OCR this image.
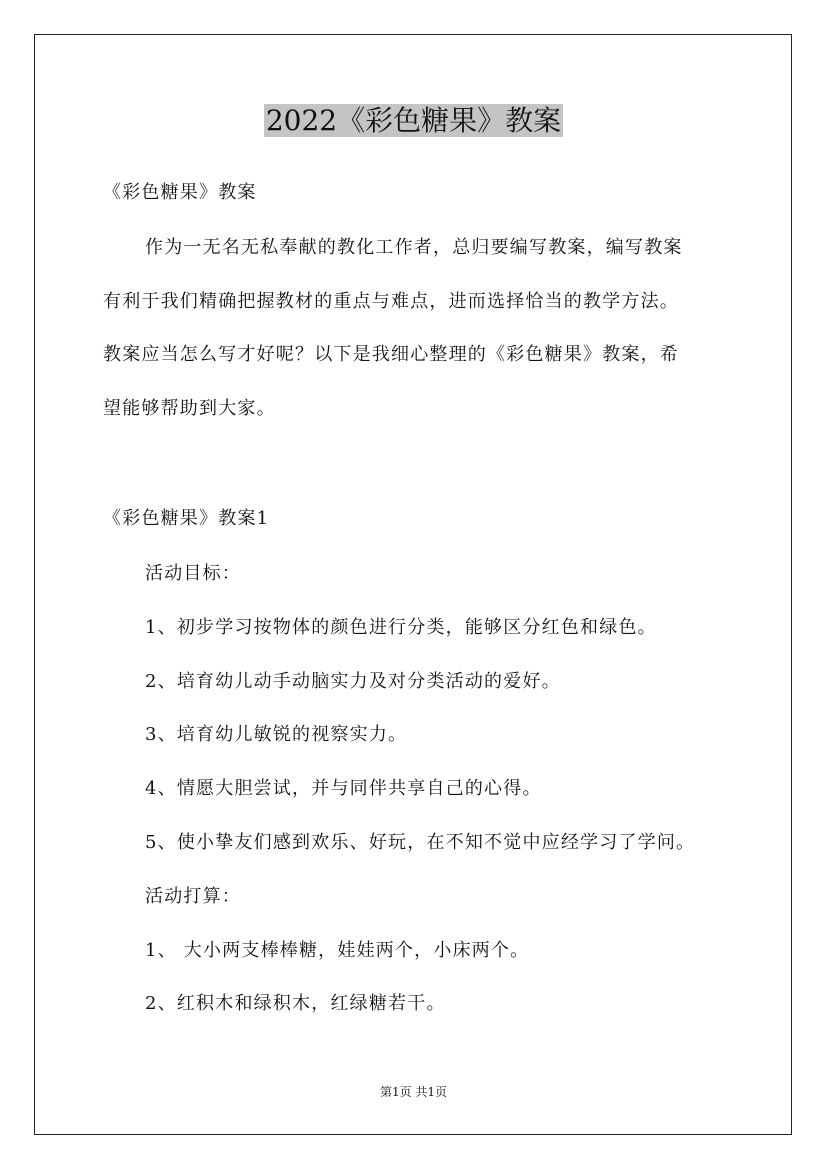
2022《彩色糖果》教案
《彩色糖果》教案
作为一无名无私奉献的教化工作者，总归要编写教案，编写教案
有利于我们精确把握教材的重点与难点，进而选择恰当的教学方法。
教案应当怎么写才好呢？以下是我细心整理的《彩色糖果》教案，希
望能够帮助到大家。
《彩色糖果》教案1
活动目标：
1、初步学习按物体的颜色进行分类，能够区分红色和绿色。
2、培育幼儿动手动脑实力及对分类活动的爱好。
3、培育幼儿敏锐的视察实力。
4、情愿大胆尝试，并与同伴共享自己的心得。
5、使小挚友们感到欢乐、好玩，在不知不觉中应经学习了学问。
活动打算：
1、 大小两支棒棒糖，娃娃两个，小床两个。
2、红积木和绿积木，红绿糖若干。
第1页 共1页
